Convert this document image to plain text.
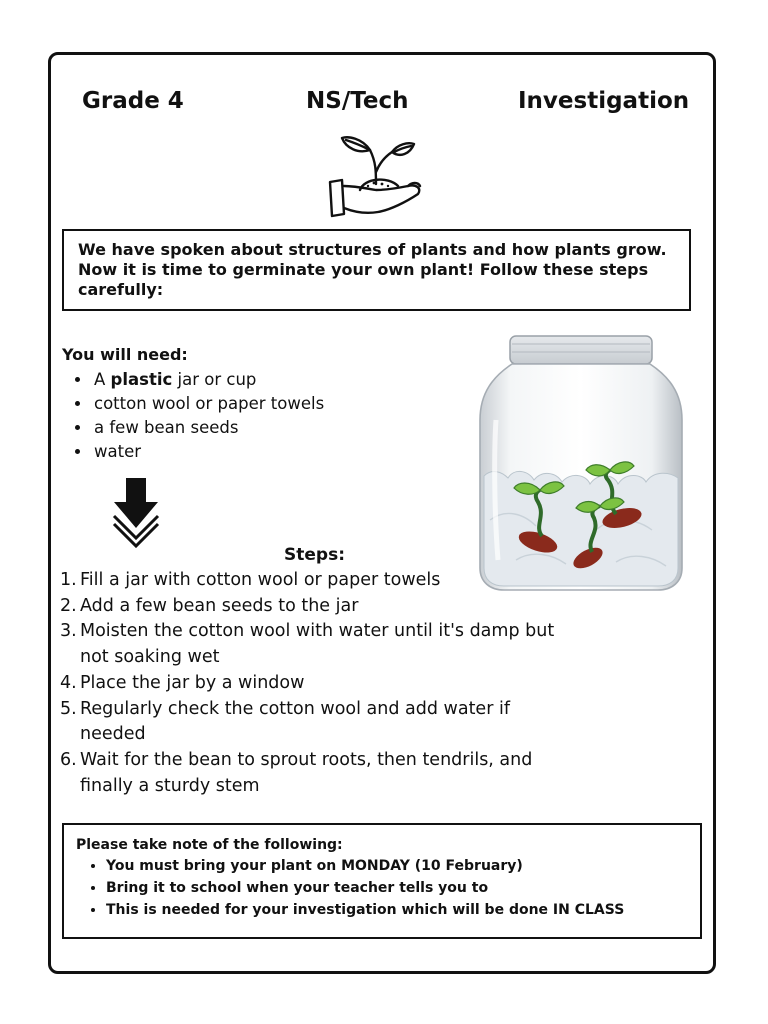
Grade 4	NS/Tech	Investigation

We have spoken about structures of plants and how plants grow. Now it is time to germinate your own plant! Follow these steps carefully:

You will need:
• A plastic jar or cup
• cotton wool or paper towels
• a few bean seeds
• water
Steps:
1. Fill a jar with cotton wool or paper towels
2. Add a few bean seeds to the jar
3. Moisten the cotton wool with water until it's damp but not soaking wet
4. Place the jar by a window
5. Regularly check the cotton wool and add water if needed
6. Wait for the bean to sprout roots, then tendrils, and finally a sturdy stem

Please take note of the following:

• You must bring your plant on MONDAY (10 February)
• Bring it to school when your teacher tells you to
• This is needed for your investigation which will be done IN CLASS
